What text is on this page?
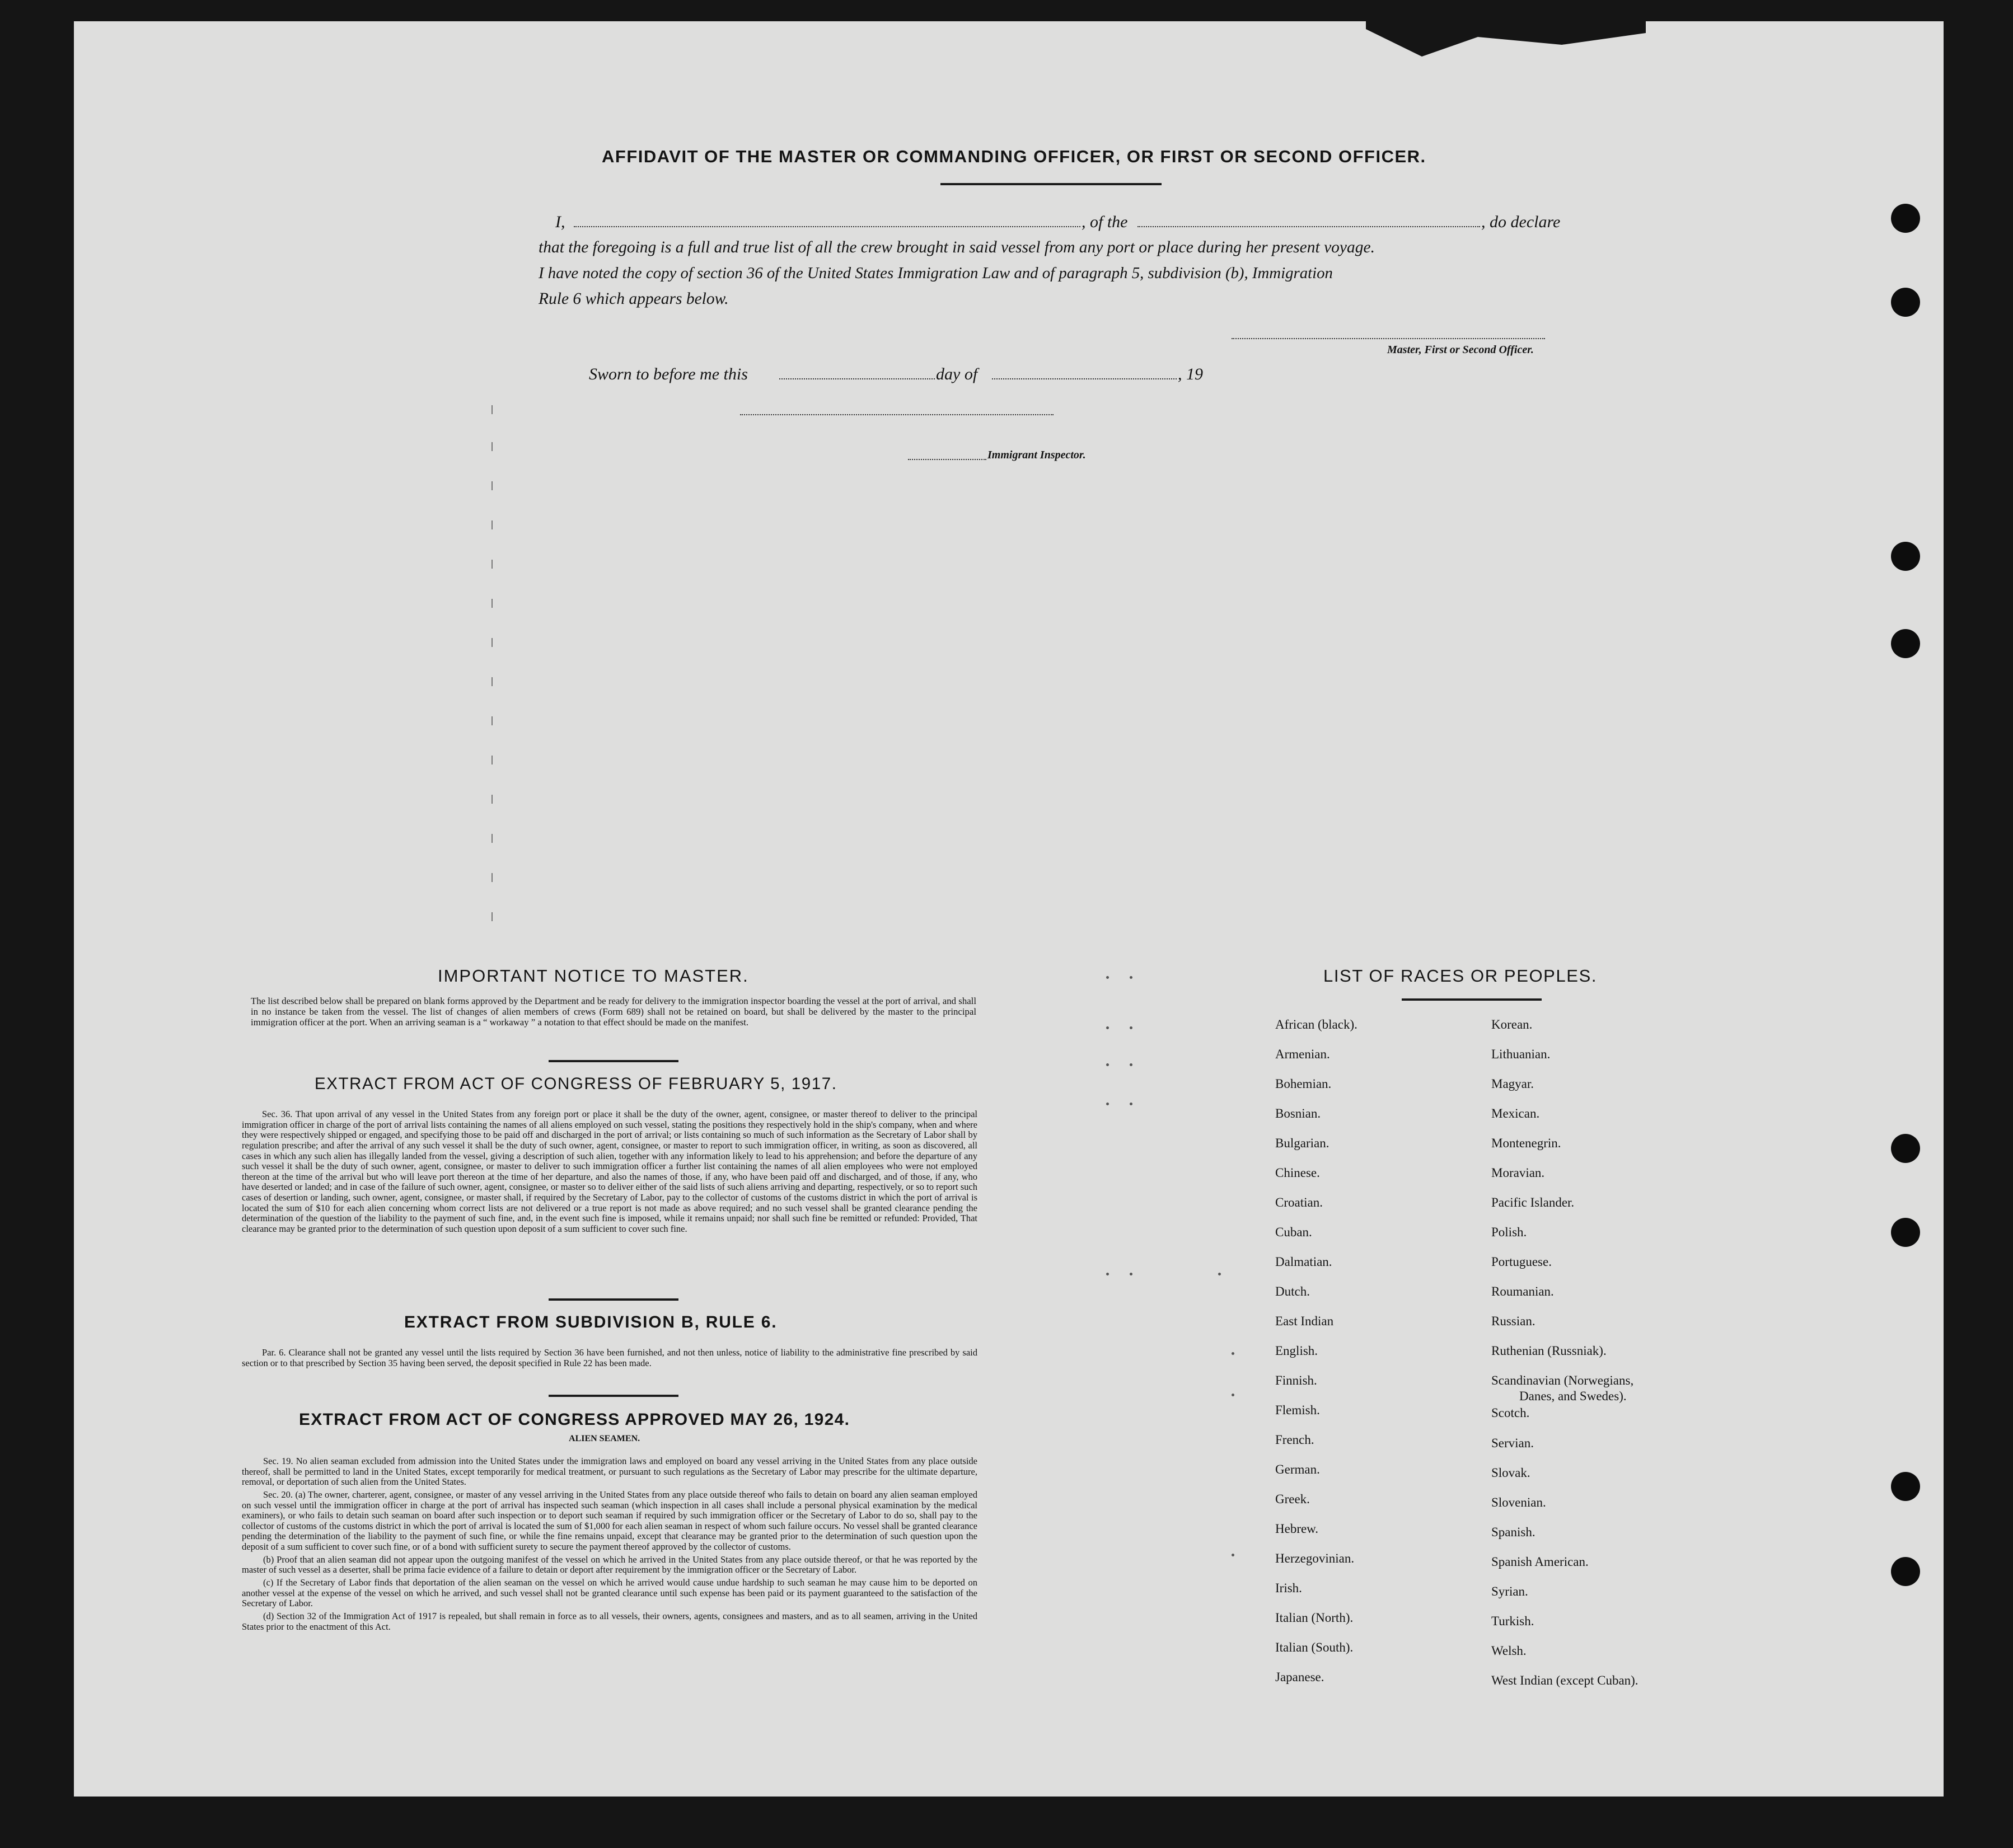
AFFIDAVIT OF THE MASTER OR COMMANDING OFFICER, OR FIRST OR SECOND OFFICER.
I,	, of the	, do declare
that the foregoing is a full and true list of all the crew brought in said vessel from any port or place during her present voyage.
I have noted the copy of section 36 of the United States Immigration Law and of paragraph 5, subdivision (b), Immigration
Rule 6 which appears below.
Master, First or Second Officer.
Sworn to before me this	day of	, 19
Immigrant Inspector.
IMPORTANT NOTICE TO MASTER.
The list described below shall be prepared on blank forms approved by the Department and be ready for delivery to the immigration inspector boarding the vessel at the port of arrival, and shall in no instance be taken from the vessel. The list of changes of alien members of crews (Form 689) shall not be retained on board, but shall be delivered by the master to the principal immigration officer at the port. When an arriving seaman is a “ workaway ” a notation to that effect should be made on the manifest.
EXTRACT FROM ACT OF CONGRESS OF FEBRUARY 5, 1917.
Sec. 36. That upon arrival of any vessel in the United States from any foreign port or place it shall be the duty of the owner, agent, consignee, or master thereof to deliver to the principal immigration officer in charge of the port of arrival lists containing the names of all aliens employed on such vessel, stating the positions they respectively hold in the ship's company, when and where they were respectively shipped or engaged, and specifying those to be paid off and discharged in the port of arrival; or lists containing so much of such information as the Secretary of Labor shall by regulation prescribe; and after the arrival of any such vessel it shall be the duty of such owner, agent, consignee, or master to report to such immigration officer, in writing, as soon as discovered, all cases in which any such alien has illegally landed from the vessel, giving a description of such alien, together with any information likely to lead to his apprehension; and before the departure of any such vessel it shall be the duty of such owner, agent, consignee, or master to deliver to such immigration officer a further list containing the names of all alien employees who were not employed thereon at the time of the arrival but who will leave port thereon at the time of her departure, and also the names of those, if any, who have been paid off and discharged, and of those, if any, who have deserted or landed; and in case of the failure of such owner, agent, consignee, or master so to deliver either of the said lists of such aliens arriving and departing, respectively, or so to report such cases of desertion or landing, such owner, agent, consignee, or master shall, if required by the Secretary of Labor, pay to the collector of customs of the customs district in which the port of arrival is located the sum of $10 for each alien concerning whom correct lists are not delivered or a true report is not made as above required; and no such vessel shall be granted clearance pending the determination of the question of the liability to the payment of such fine, and, in the event such fine is imposed, while it remains unpaid; nor shall such fine be remitted or refunded: Provided, That clearance may be granted prior to the determination of such question upon deposit of a sum sufficient to cover such fine.
EXTRACT FROM SUBDIVISION B, RULE 6.
Par. 6. Clearance shall not be granted any vessel until the lists required by Section 36 have been furnished, and not then unless, notice of liability to the administrative fine prescribed by said section or to that prescribed by Section 35 having been served, the deposit specified in Rule 22 has been made.
EXTRACT FROM ACT OF CONGRESS APPROVED MAY 26, 1924.
ALIEN SEAMEN.

Sec. 19. No alien seaman excluded from admission into the United States under the immigration laws and employed on board any vessel arriving in the United States from any place outside thereof, shall be permitted to land in the United States, except temporarily for medical treatment, or pursuant to such regulations as the Secretary of Labor may prescribe for the ultimate departure, removal, or deportation of such alien from the United States.

Sec. 20. (a) The owner, charterer, agent, consignee, or master of any vessel arriving in the United States from any place outside thereof who fails to detain on board any alien seaman employed on such vessel until the immigration officer in charge at the port of arrival has inspected such seaman (which inspection in all cases shall include a personal physical examination by the medical examiners), or who fails to detain such seaman on board after such inspection or to deport such seaman if required by such immigration officer or the Secretary of Labor to do so, shall pay to the collector of customs of the customs district in which the port of arrival is located the sum of $1,000 for each alien seaman in respect of whom such failure occurs. No vessel shall be granted clearance pending the determination of the liability to the payment of such fine, or while the fine remains unpaid, except that clearance may be granted prior to the determination of such question upon the deposit of a sum sufficient to cover such fine, or of a bond with sufficient surety to secure the payment thereof approved by the collector of customs.

(b) Proof that an alien seaman did not appear upon the outgoing manifest of the vessel on which he arrived in the United States from any place outside thereof, or that he was reported by the master of such vessel as a deserter, shall be prima facie evidence of a failure to detain or deport after requirement by the immigration officer or the Secretary of Labor.

(c) If the Secretary of Labor finds that deportation of the alien seaman on the vessel on which he arrived would cause undue hardship to such seaman he may cause him to be deported on another vessel at the expense of the vessel on which he arrived, and such vessel shall not be granted clearance until such expense has been paid or its payment guaranteed to the satisfaction of the Secretary of Labor.

(d) Section 32 of the Immigration Act of 1917 is repealed, but shall remain in force as to all vessels, their owners, agents, consignees and masters, and as to all seamen, arriving in the United States prior to the enactment of this Act.

LIST OF RACES OR PEOPLES.
African (black).
Armenian.
Bohemian.
Bosnian.
Bulgarian.
Chinese.
Croatian.
Cuban.
Dalmatian.
Dutch.
East Indian
English.
Finnish.
Flemish.
French.
German.
Greek.
Hebrew.
Herzegovinian.
Irish.
Italian (North).
Italian (South).
Japanese.
Korean.
Lithuanian.
Magyar.
Mexican.
Montenegrin.
Moravian.
Pacific Islander.
Polish.
Portuguese.
Roumanian.
Russian.
Ruthenian (Russniak).
Scandinavian (Norwegians,
Danes, and Swedes).
Scotch.
Servian.
Slovak.
Slovenian.
Spanish.
Spanish American.
Syrian.
Turkish.
Welsh.
West Indian (except Cuban).
